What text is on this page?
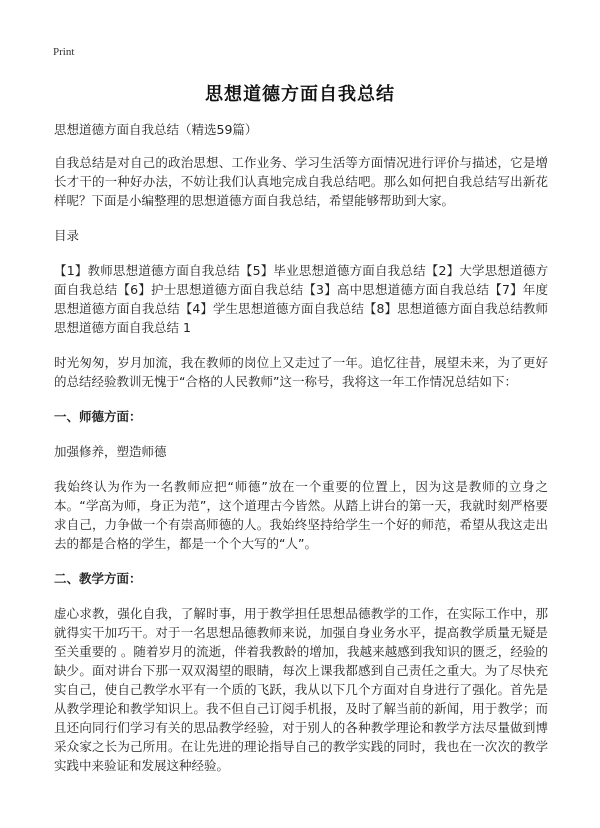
Print
思想道德方面自我总结

思想道德方面自我总结（精选59篇）

自我总结是对自己的政治思想、工作业务、学习生活等方面情况进行评价与描述，它是增长才干的一种好办法，不妨让我们认真地完成自我总结吧。那么如何把自我总结写出新花样呢？下面是小编整理的思想道德方面自我总结，希望能够帮助到大家。

目录

【1】教师思想道德方面自我总结【5】毕业思想道德方面自我总结【2】大学思想道德方面自我总结【6】护士思想道德方面自我总结【3】高中思想道德方面自我总结【7】年度思想道德方面自我总结【4】学生思想道德方面自我总结【8】思想道德方面自我总结教师思想道德方面自我总结 1

时光匆匆，岁月加流，我在教师的岗位上又走过了一年。追忆往昔，展望未来，为了更好的总结经验教训无愧于“合格的人民教师”这一称号，我将这一年工作情况总结如下：

一、师德方面：

加强修养，塑造师德

我始终认为作为一名教师应把“师德”放在一个重要的位置上，因为这是教师的立身之本。“学高为师，身正为范”，这个道理古今皆然。从踏上讲台的第一天，我就时刻严格要求自己，力争做一个有崇高师德的人。我始终坚持给学生一个好的师范，希望从我这走出去的都是合格的学生，都是一个个大写的“人”。

二、教学方面：

虚心求教，强化自我，了解时事，用于教学担任思想品德教学的工作，在实际工作中，那就得实干加巧干。对于一名思想品德教师来说，加强自身业务水平，提高教学质量无疑是至关重要的 。随着岁月的流逝，伴着我教龄的增加，我越来越感到我知识的匮乏，经验的缺少。面对讲台下那一双双渴望的眼睛，每次上课我都感到自己责任之重大。为了尽快充实自己，使自己教学水平有一个质的飞跃，我从以下几个方面对自身进行了强化。首先是从教学理论和教学知识上。我不但自己订阅手机报，及时了解当前的新闻，用于教学；而且还向同行们学习有关的思品教学经验，对于别人的各种教学理论和教学方法尽量做到博采众家之长为己所用。在让先进的理论指导自己的教学实践的同时，我也在一次次的教学实践中来验证和发展这种经验。
